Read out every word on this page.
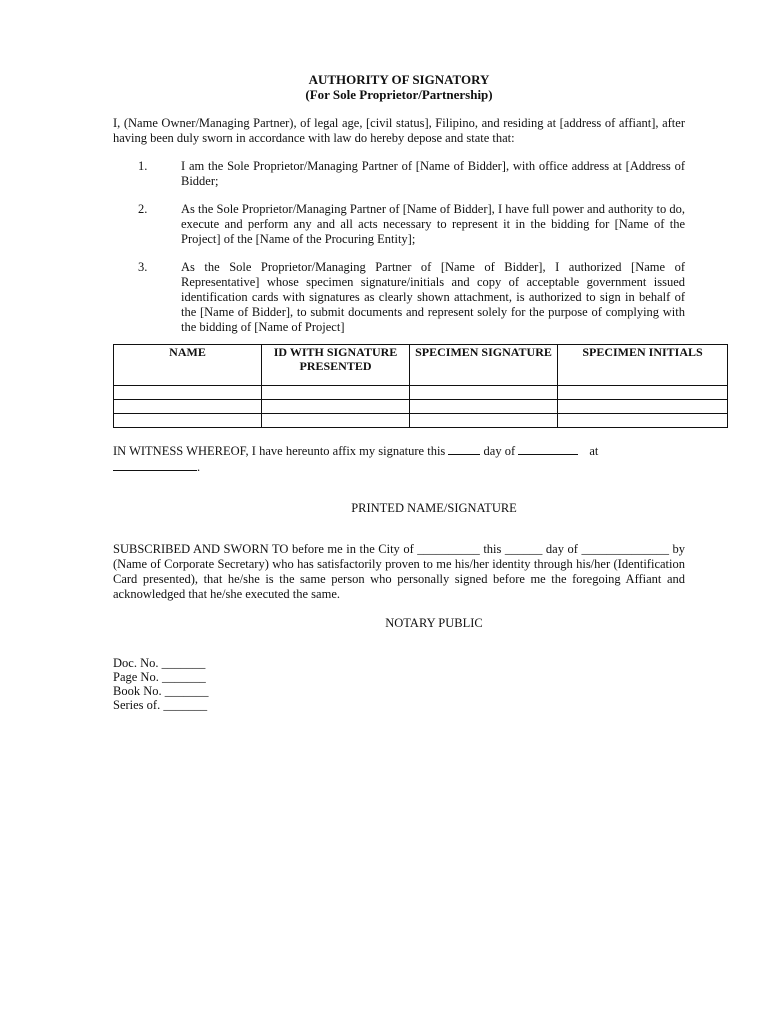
AUTHORITY OF SIGNATORY
(For Sole Proprietor/Partnership)

I, (Name Owner/Managing Partner), of legal age, [civil status], Filipino, and residing at [address of affiant], after having been duly sworn in accordance with law do hereby depose and state that:

1.	I am the Sole Proprietor/Managing Partner of [Name of Bidder], with office address at [Address of Bidder;
2.	As the Sole Proprietor/Managing Partner of [Name of Bidder], I have full power and authority to do, execute and perform any and all acts necessary to represent it in the bidding for [Name of the Project] of the [Name of the Procuring Entity];
3.	As the Sole Proprietor/Managing Partner of [Name of Bidder], I authorized [Name of Representative] whose specimen signature/initials and copy of acceptable government issued identification cards with signatures as clearly shown attachment, is authorized to sign in behalf of the [Name of Bidder], to submit documents and represent solely for the purpose of complying with the bidding of [Name of Project]
NAME	ID WITH SIGNATURE PRESENTED	SPECIMEN SIGNATURE	SPECIMEN INITIALS

IN WITNESS WHEREOF, I have hereunto affix my signature this	day of	at
.

PRINTED NAME/SIGNATURE

SUBSCRIBED AND SWORN TO before me in the City of __________ this ______ day of ______________ by (Name of Corporate Secretary) who has satisfactorily proven to me his/her identity through his/her (Identification Card presented), that he/she is the same person who personally signed before me the foregoing Affiant and acknowledged that he/she executed the same.

NOTARY PUBLIC

Doc. No. _______
Page No. _______
Book No. _______
Series of. _______
